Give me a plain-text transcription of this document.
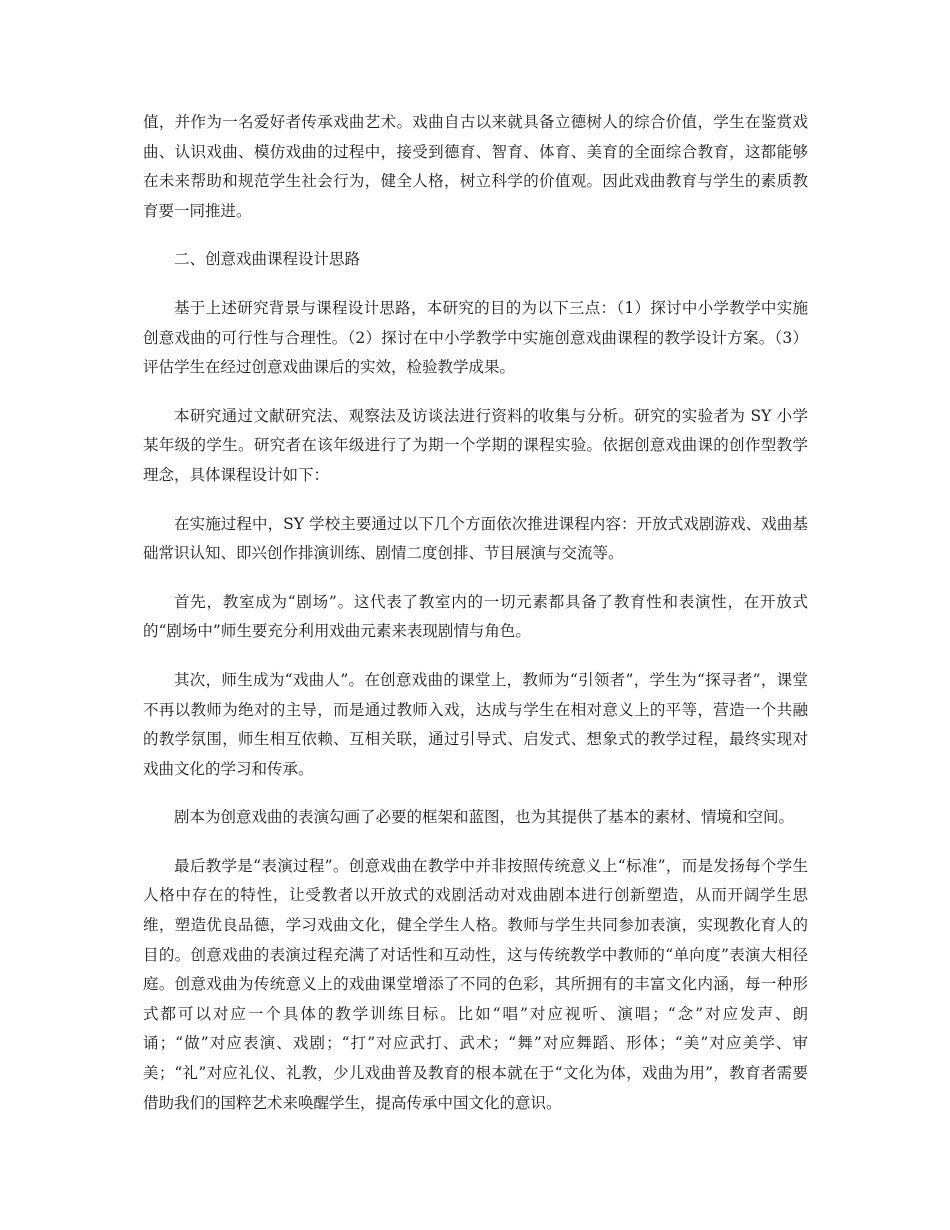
值，并作为一名爱好者传承戏曲艺术。戏曲自古以来就具备立德树人的综合价值，学生在鉴赏戏曲、认识戏曲、模仿戏曲的过程中，接受到德育、智育、体育、美育的全面综合教育，这都能够在未来帮助和规范学生社会行为，健全人格，树立科学的价值观。因此戏曲教育与学生的素质教育要一同推进。

二、创意戏曲课程设计思路

基于上述研究背景与课程设计思路，本研究的目的为以下三点：（1）探讨中小学教学中实施创意戏曲的可行性与合理性。（2）探讨在中小学教学中实施创意戏曲课程的教学设计方案。（3）评估学生在经过创意戏曲课后的实效，检验教学成果。

本研究通过文献研究法、观察法及访谈法进行资料的收集与分析。研究的实验者为 SY 小学某年级的学生。研究者在该年级进行了为期一个学期的课程实验。依据创意戏曲课的创作型教学理念，具体课程设计如下：

在实施过程中，SY 学校主要通过以下几个方面依次推进课程内容：开放式戏剧游戏、戏曲基础常识认知、即兴创作排演训练、剧情二度创排、节目展演与交流等。

首先，教室成为“剧场”。这代表了教室内的一切元素都具备了教育性和表演性，在开放式的“剧场中”师生要充分利用戏曲元素来表现剧情与角色。

其次，师生成为“戏曲人”。在创意戏曲的课堂上，教师为“引领者”，学生为“探寻者”，课堂不再以教师为绝对的主导，而是通过教师入戏，达成与学生在相对意义上的平等，营造一个共融的教学氛围，师生相互依赖、互相关联，通过引导式、启发式、想象式的教学过程，最终实现对戏曲文化的学习和传承。

剧本为创意戏曲的表演勾画了必要的框架和蓝图，也为其提供了基本的素材、情境和空间。

最后教学是“表演过程”。创意戏曲在教学中并非按照传统意义上“标准”，而是发扬每个学生人格中存在的特性，让受教者以开放式的戏剧活动对戏曲剧本进行创新塑造，从而开阔学生思维，塑造优良品德，学习戏曲文化，健全学生人格。教师与学生共同参加表演，实现教化育人的目的。创意戏曲的表演过程充满了对话性和互动性，这与传统教学中教师的“单向度”表演大相径庭。创意戏曲为传统意义上的戏曲课堂增添了不同的色彩，其所拥有的丰富文化内涵，每一种形式都可以对应一个具体的教学训练目标。比如“唱”对应视听、演唱；“念”对应发声、朗诵；“做”对应表演、戏剧；“打”对应武打、武术；“舞”对应舞蹈、形体；“美”对应美学、审美；“礼”对应礼仪、礼教，少儿戏曲普及教育的根本就在于“文化为体，戏曲为用”，教育者需要借助我们的国粹艺术来唤醒学生，提高传承中国文化的意识。
